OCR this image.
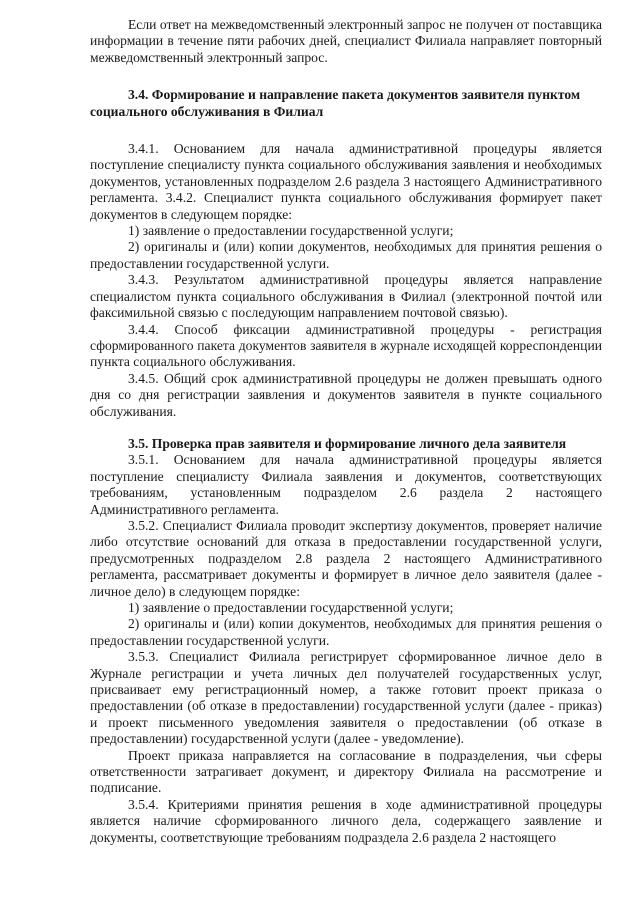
Если ответ на межведомственный электронный запрос не получен от поставщика информации в течение пяти рабочих дней, специалист Филиала направляет повторный межведомственный электронный запрос.

3.4. Формирование и направление пакета документов заявителя пунктом социального обслуживания в Филиал

3.4.1. Основанием для начала административной процедуры является поступление специалисту пункта социального обслуживания заявления и необходимых документов, установленных подразделом 2.6 раздела 3 настоящего Административного регламента. 3.4.2. Специалист пункта социального обслуживания формирует пакет документов в следующем порядке:

1) заявление о предоставлении государственной услуги;

2) оригиналы и (или) копии документов, необходимых для принятия решения о предоставлении государственной услуги.

3.4.3. Результатом административной процедуры является направление специалистом пункта социального обслуживания в Филиал (электронной почтой или факсимильной связью с последующим направлением почтовой связью).

3.4.4. Способ фиксации административной процедуры - регистрация сформированного пакета документов заявителя в журнале исходящей корреспонденции пункта социального обслуживания.

3.4.5. Общий срок административной процедуры не должен превышать одного дня со дня регистрации заявления и документов заявителя в пункте социального обслуживания.

3.5. Проверка прав заявителя и формирование личного дела заявителя

3.5.1. Основанием для начала административной процедуры является поступление специалисту Филиала заявления и документов, соответствующих требованиям, установленным подразделом 2.6 раздела 2 настоящего Административного регламента.

3.5.2. Специалист Филиала проводит экспертизу документов, проверяет наличие либо отсутствие оснований для отказа в предоставлении государственной услуги, предусмотренных подразделом 2.8 раздела 2 настоящего Административного регламента, рассматривает документы и формирует в личное дело заявителя (далее - личное дело) в следующем порядке:

1) заявление о предоставлении государственной услуги;

2) оригиналы и (или) копии документов, необходимых для принятия решения о предоставлении государственной услуги.

3.5.3. Специалист Филиала регистрирует сформированное личное дело в Журнале регистрации и учета личных дел получателей государственных услуг, присваивает ему регистрационный номер, а также готовит проект приказа о предоставлении (об отказе в предоставлении) государственной услуги (далее - приказ) и проект письменного уведомления заявителя о предоставлении (об отказе в предоставлении) государственной услуги (далее - уведомление).

Проект приказа направляется на согласование в подразделения, чьи сферы ответственности затрагивает документ, и директору Филиала на рассмотрение и подписание.

3.5.4. Критериями принятия решения в ходе административной процедуры является наличие сформированного личного дела, содержащего заявление и документы, соответствующие требованиям подраздела 2.6 раздела 2 настоящего
